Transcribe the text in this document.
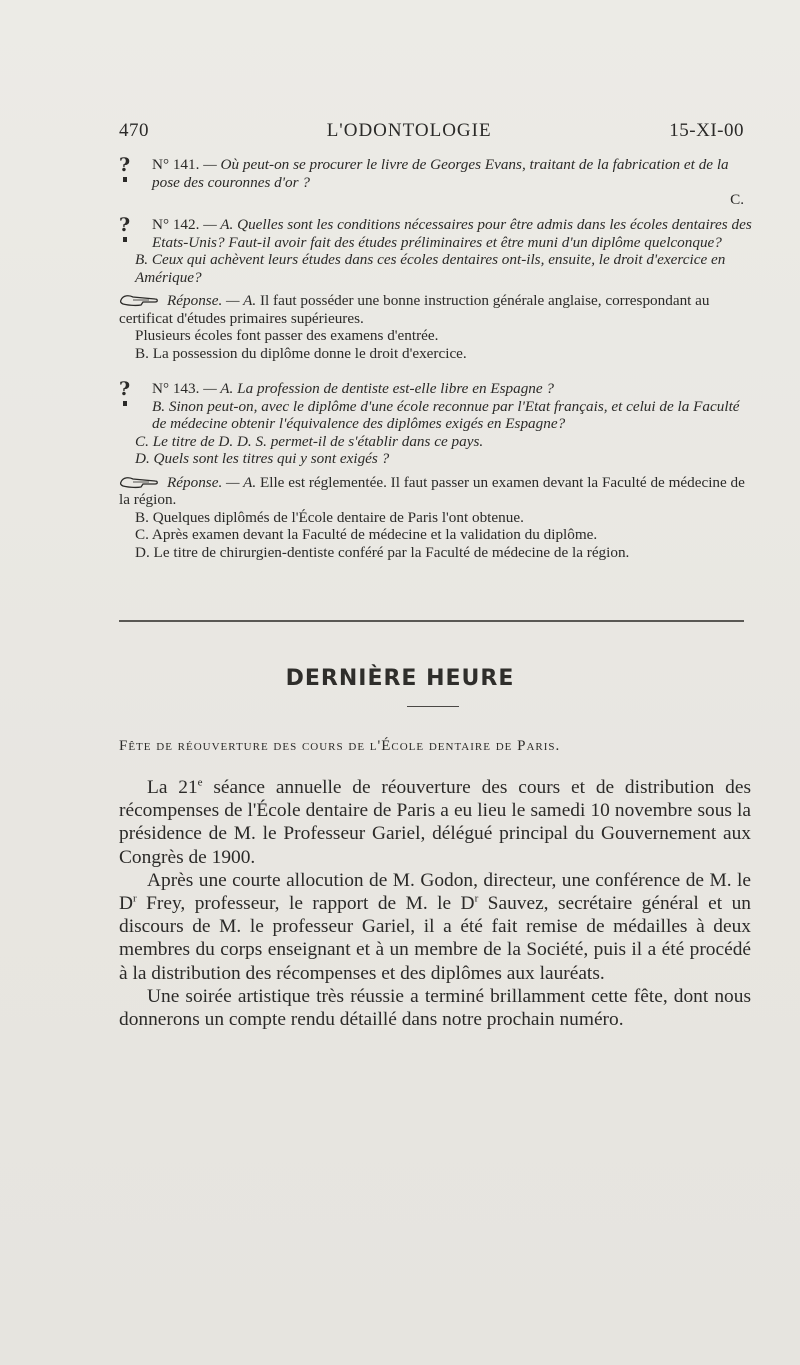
470	L'ODONTOLOGIE	15-XI-00
?	N° 141. — Où peut-on se procurer le livre de Georges Evans, traitant de la fabrication et de la pose des couronnes d'or ?

C.

?	N° 142. — A. Quelles sont les conditions nécessaires pour être admis dans les écoles dentaires des Etats-Unis? Faut-il avoir fait des études préliminaires et être muni d'un diplôme quelconque?

B. Ceux qui achèvent leurs études dans ces écoles dentaires ont-ils, ensuite, le droit d'exercice en Amérique?

Réponse. — A. Il faut posséder une bonne instruction générale anglaise, correspondant au certificat d'études primaires supérieures.

Plusieurs écoles font passer des examens d'entrée.

B. La possession du diplôme donne le droit d'exercice.

?	N° 143. — A. La profession de dentiste est-elle libre en Espagne ?

B. Sinon peut-on, avec le diplôme d'une école reconnue par l'Etat français, et celui de la Faculté de médecine obtenir l'équivalence des diplômes exigés en Espagne?

C. Le titre de D. D. S. permet-il de s'établir dans ce pays.

D. Quels sont les titres qui y sont exigés ?

Réponse. — A. Elle est réglementée. Il faut passer un examen devant la Faculté de médecine de la région.

B. Quelques diplômés de l'École dentaire de Paris l'ont obtenue.

C. Après examen devant la Faculté de médecine et la validation du diplôme.

D. Le titre de chirurgien-dentiste conféré par la Faculté de médecine de la région.

DERNIÈRE HEURE
Fête de réouverture des cours de l'École dentaire de Paris.

La 21e séance annuelle de réouverture des cours et de distribution des récompenses de l'École dentaire de Paris a eu lieu le samedi 10 novembre sous la présidence de M. le Professeur Gariel, délégué principal du Gouvernement aux Congrès de 1900.

Après une courte allocution de M. Godon, directeur, une conférence de M. le $D^r$ Frey, professeur, le rapport de M. le $D^r$ Sauvez, secrétaire général et un discours de M. le professeur Gariel, il a été fait remise de médailles à deux membres du corps enseignant et à un membre de la Société, puis il a été procédé à la distribution des récompenses et des diplômes aux lauréats.

Une soirée artistique très réussie a terminé brillamment cette fête, dont nous donnerons un compte rendu détaillé dans notre prochain numéro.
